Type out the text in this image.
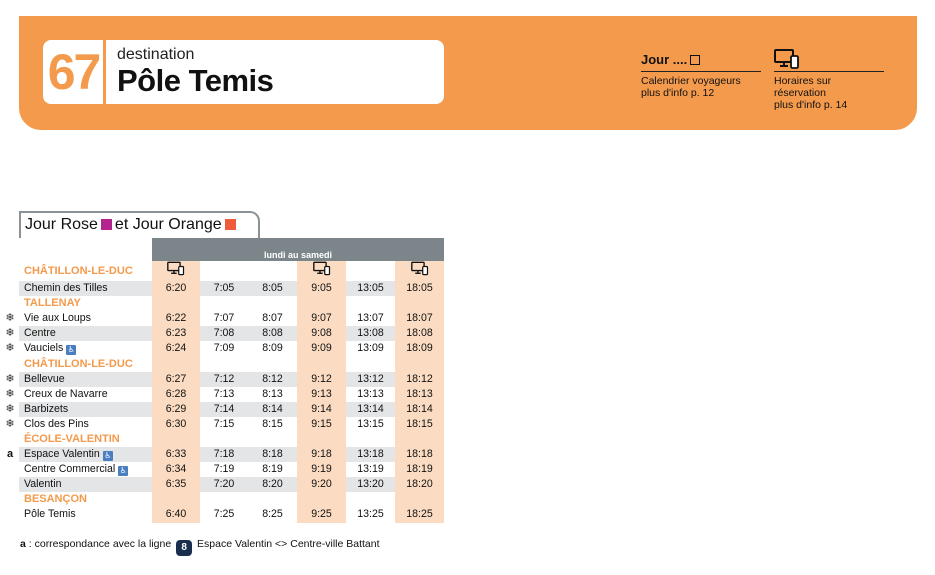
67	destination
Pôle Temis
Jour ....
Calendrier voyageurs
plus d'info p. 12
Horaires sur réservation
plus d'info p. 14
Jour Rose et Jour Orange
	lundi au samedi					
CHÂTILLON-LE-DUC						
Chemin des Tilles	6:20	7:05	8:05	9:05	13:05	18:05
TALLENAY						

❄ Vie aux Loups	6:22	7:07	8:07	9:07	13:07	18:07

❄ Centre	6:23	7:08	8:08	9:08	13:08	18:08

❄ Vauciels ♿	6:24	7:09	8:09	9:09	13:09	18:09
CHÂTILLON-LE-DUC						

❄ Bellevue	6:27	7:12	8:12	9:12	13:12	18:12

❄ Creux de Navarre	6:28	7:13	8:13	9:13	13:13	18:13

❄ Barbizets	6:29	7:14	8:14	9:14	13:14	18:14

❄ Clos des Pins	6:30	7:15	8:15	9:15	13:15	18:15
ÉCOLE-VALENTIN						

a Espace Valentin ♿	6:33	7:18	8:18	9:18	13:18	18:18
Centre Commercial ♿	6:34	7:19	8:19	9:19	13:19	18:19
Valentin	6:35	7:20	8:20	9:20	13:20	18:20
BESANÇON						
Pôle Temis	6:40	7:25	8:25	9:25	13:25	18:25
a : correspondance avec la ligne 8 Espace Valentin <> Centre-ville Battant
